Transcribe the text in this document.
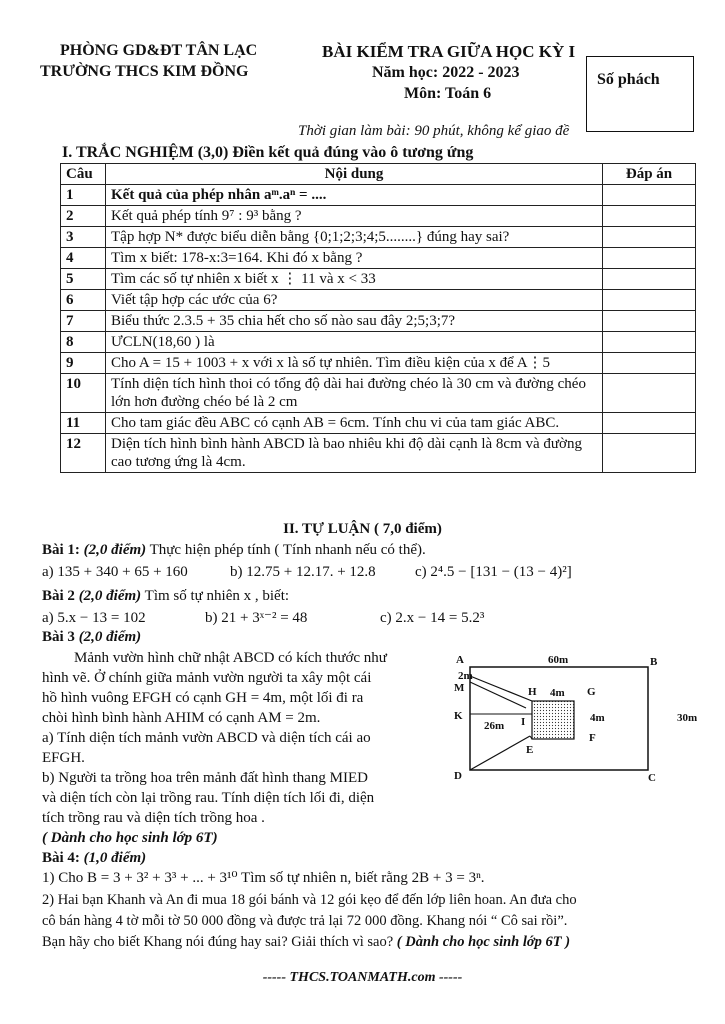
PHÒNG GD&ĐT TÂN LẠC
TRƯỜNG THCS KIM ĐỒNG
BÀI KIỂM TRA GIỮA HỌC KỲ I
Năm học: 2022 - 2023
Môn: Toán 6
Số phách
Thời gian làm bài: 90 phút, không kể giao đề
I. TRẮC NGHIỆM (3,0) Điền kết quả đúng vào ô tương ứng
Câu	Nội dung	Đáp án
1	Kết quả của phép nhân aᵐ.aⁿ = ....	
2	Kết quả phép tính 9⁷ : 9³ bằng ?	
3	Tập hợp N* được biểu diễn bằng {0;1;2;3;4;5........} đúng hay sai?	
4	Tìm x biết: 178-x:3=164. Khi đó x bằng ?	
5	Tìm các số tự nhiên x biết x ⋮ 11 và x < 33	
6	Viết tập hợp các ước của 6?	
7	Biểu thức 2.3.5 + 35 chia hết cho số nào sau đây 2;5;3;7?	
8	ƯCLN(18,60 ) là	
9	Cho A = 15 + 1003 + x với x là số tự nhiên. Tìm điều kiện của x để A⋮5	
10	Tính diện tích hình thoi có tổng độ dài hai đường chéo là 30 cm và đường chéo lớn hơn đường chéo bé là 2 cm	
11	Cho tam giác đều ABC có cạnh AB = 6cm. Tính chu vi của tam giác ABC.	
12	Diện tích hình bình hành ABCD là bao nhiêu khi độ dài cạnh là 8cm và đường cao tương ứng là 4cm.	
II. TỰ LUẬN ( 7,0 điểm)
Bài 1: (2,0 điểm) Thực hiện phép tính ( Tính nhanh nếu có thể).
a) 135 + 340 + 65 + 160	b) 12.75 + 12.17. + 12.8	c) 2⁴.5 − [131 − (13 − 4)²]
Bài 2 (2,0 điểm) Tìm số tự nhiên x , biết:
a) 5.x − 13 = 102	b) 21 + 3ˣ⁻² = 48	c) 2.x − 14 = 5.2³
Bài 3 (2,0 điểm)
Mảnh vườn hình chữ nhật ABCD có kích thước như
hình vẽ. Ở chính giữa mảnh vườn người ta xây một cái
hồ hình vuông EFGH có cạnh GH = 4m, một lối đi ra
chòi hình bình hành AHIM có cạnh AM = 2m.
a) Tính diện tích mảnh vườn ABCD và diện tích cái ao
EFGH.
b) Người ta trồng hoa trên mảnh đất hình thang MIED
và diện tích còn lại trồng rau. Tính diện tích lối đi, diện
tích trồng rau và diện tích trồng hoa .
( Dành cho học sinh lớp 6T)
A	B
C
D
M
K
H	G
I
F
E
60m
30m
2m
4m
4m
26m
Bài 4: (1,0 điểm)
1) Cho B = 3 + 3² + 3³ + ... + 3¹⁰ Tìm số tự nhiên n, biết rằng 2B + 3 = 3ⁿ.
2) Hai bạn Khanh và An đi mua 18 gói bánh và 12 gói kẹo để đến lớp liên hoan. An đưa cho
cô bán hàng 4 tờ mỗi tờ 50 000 đồng và được trả lại 72 000 đồng. Khang nói “ Cô sai rồi”.
Bạn hãy cho biết Khang nói đúng hay sai? Giải thích vì sao? ( Dành cho học sinh lớp 6T )
----- THCS.TOANMATH.com -----
